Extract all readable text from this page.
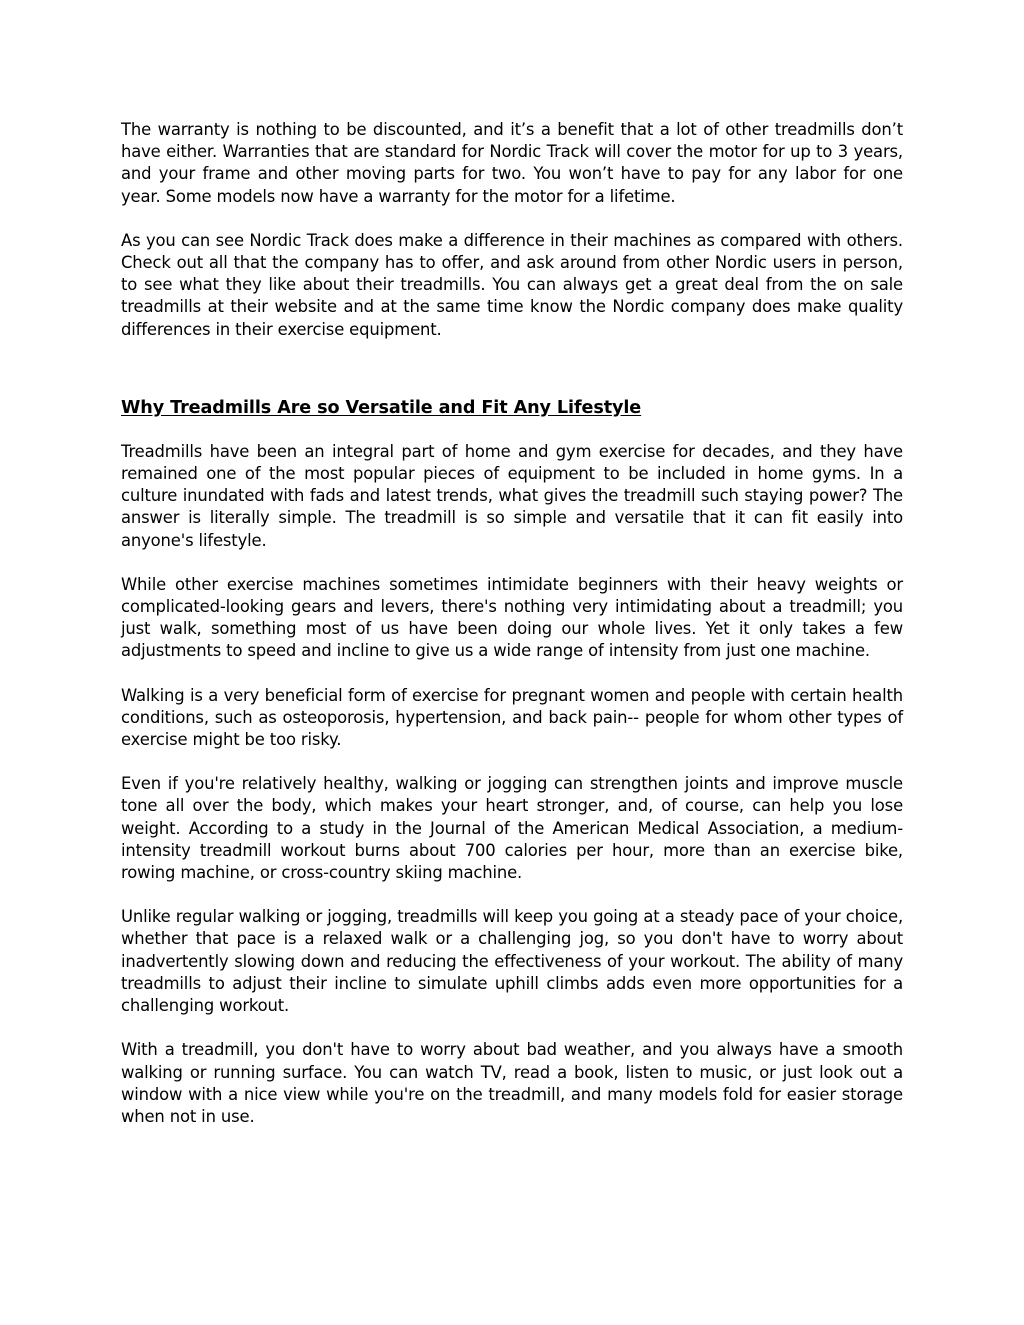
The warranty is nothing to be discounted, and it’s a benefit that a lot of other treadmills don’t have either. Warranties that are standard for Nordic Track will cover the motor for up to 3 years, and your frame and other moving parts for two. You won’t have to pay for any labor for one year. Some models now have a warranty for the motor for a lifetime.

As you can see Nordic Track does make a difference in their machines as compared with others. Check out all that the company has to offer, and ask around from other Nordic users in person, to see what they like about their treadmills. You can always get a great deal from the on sale treadmills at their website and at the same time know the Nordic company does make quality differences in their exercise equipment.

Why Treadmills Are so Versatile and Fit Any Lifestyle

Treadmills have been an integral part of home and gym exercise for decades, and they have remained one of the most popular pieces of equipment to be included in home gyms. In a culture inundated with fads and latest trends, what gives the treadmill such staying power? The answer is literally simple. The treadmill is so simple and versatile that it can fit easily into anyone's lifestyle.

While other exercise machines sometimes intimidate beginners with their heavy weights or complicated-looking gears and levers, there's nothing very intimidating about a treadmill; you just walk, something most of us have been doing our whole lives. Yet it only takes a few adjustments to speed and incline to give us a wide range of intensity from just one machine.

Walking is a very beneficial form of exercise for pregnant women and people with certain health conditions, such as osteoporosis, hypertension, and back pain-- people for whom other types of exercise might be too risky.

Even if you're relatively healthy, walking or jogging can strengthen joints and improve muscle tone all over the body, which makes your heart stronger, and, of course, can help you lose weight. According to a study in the Journal of the American Medical Association, a medium-intensity treadmill workout burns about 700 calories per hour, more than an exercise bike, rowing machine, or cross-country skiing machine.

Unlike regular walking or jogging, treadmills will keep you going at a steady pace of your choice, whether that pace is a relaxed walk or a challenging jog, so you don't have to worry about inadvertently slowing down and reducing the effectiveness of your workout. The ability of many treadmills to adjust their incline to simulate uphill climbs adds even more opportunities for a challenging workout.

With a treadmill, you don't have to worry about bad weather, and you always have a smooth walking or running surface. You can watch TV, read a book, listen to music, or just look out a window with a nice view while you're on the treadmill, and many models fold for easier storage when not in use.
